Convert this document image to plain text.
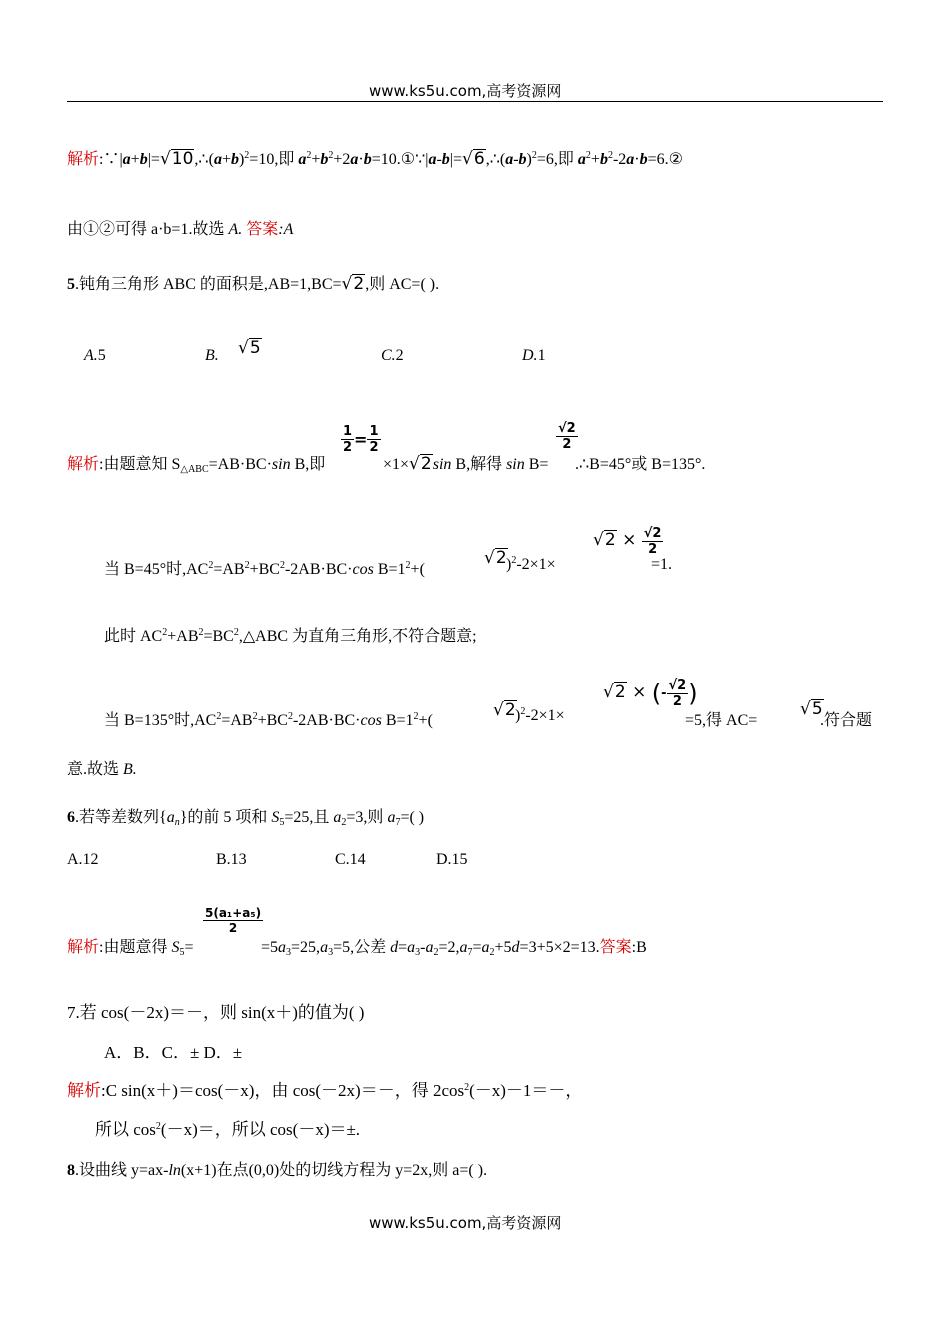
www.ks5u.com,高考资源网
解析$:\because|a+b|=√10,\therefore(a+b)^2=10$,即 $a^2+b^2+2a\cdot b=10.①\because|a-b|=√6,\therefore(a-b)^2=6$,即 $a^2+b^2-2a\cdot b=6.②$
由①②可得 a·b=1.故选 A. 答案:A
5.钝角三角形 ABC 的面积是,AB=1,BC=√2,则 AC=( ).
A.5	B. √5	C.2	D.1
解析:由题意知 $S_{\triangle ABC}=AB\cdot BC\cdot\sin$ B,即
$\frac{1}{2} = \frac{1}{2}$
×1×√2sin B,解得 sin B=
$\frac{√2}{2}$
.∴B=45°或 B=135°.
当 B=45°时$,AC^2=AB^2+BC^2-2AB\cdot BC\cdot\cos$ $B=1^2+$(
√2 )$^2$-2×1×
$√2 \times \frac{√2}{2}$
=1.
此时 $AC^2+AB^2=BC^2,\triangle ABC$ 为直角三角形,不符合题意;
当 B=135°时$,AC^2=AB^2+BC^2-2AB\cdot BC\cdot\cos$ $B=1^2+$(
√2 )$^2$-2×1×
√2 × (- $\frac{√2}{2}$ )
=5,得 AC=
√5
.符合题
意.故选 B.
6.若等差数列$\{a_n\}$的前 5 项和 $S_5=25$,且 $a_2=3$,则 $a_7=$( )
A.12	B.13	C.14	D.15
解析:由题意得 $S_5=$
$\frac{\text{5(a₁+a₅)}}{2}$
$=5a_3=25,a_3=5$,公差 $d=a_3-a_2=2,a_7=a_2+5d=3+5\times 2=13$.答案:B
7.若 cos(－2x)＝－，则 sin(x＋)的值为( )
A．B．C．± D．±
解析:C sin(x＋)＝cos(－x)，由 cos(－2x)＝－，得 $2\cos^2(-x)-1=-$，
所以 $\cos^2(-x)=$，所以 cos(－x)＝±.
8.设曲线 y=ax-ln(x+1)在点(0,0)处的切线方程为 y=2x,则 a=( ).
www.ks5u.com,高考资源网
